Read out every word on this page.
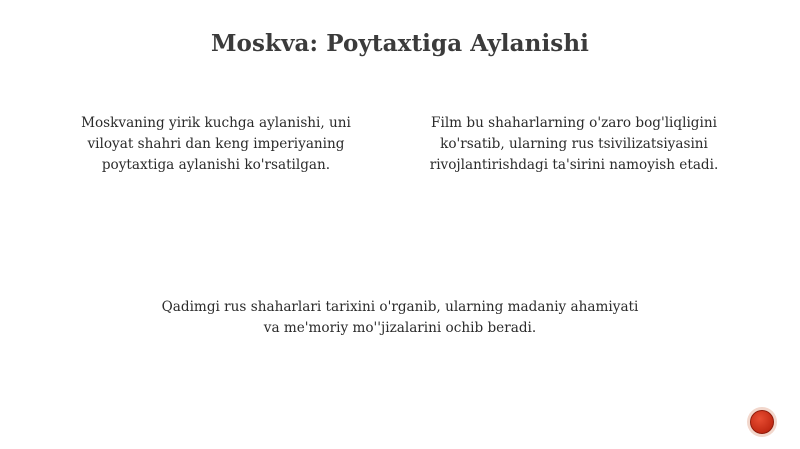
Moskva: Poytaxtiga Aylanishi
Moskvaning yirik kuchga aylanishi, uni
viloyat shahri dan keng imperiyaning
poytaxtiga aylanishi ko'rsatilgan.
Film bu shaharlarning o'zaro bog'liqligini
ko'rsatib, ularning rus tsivilizatsiyasini
rivojlantirishdagi ta'sirini namoyish etadi.
Qadimgi rus shaharlari tarixini o'rganib, ularning madaniy ahamiyati
va me'moriy mo''jizalarini ochib beradi.
